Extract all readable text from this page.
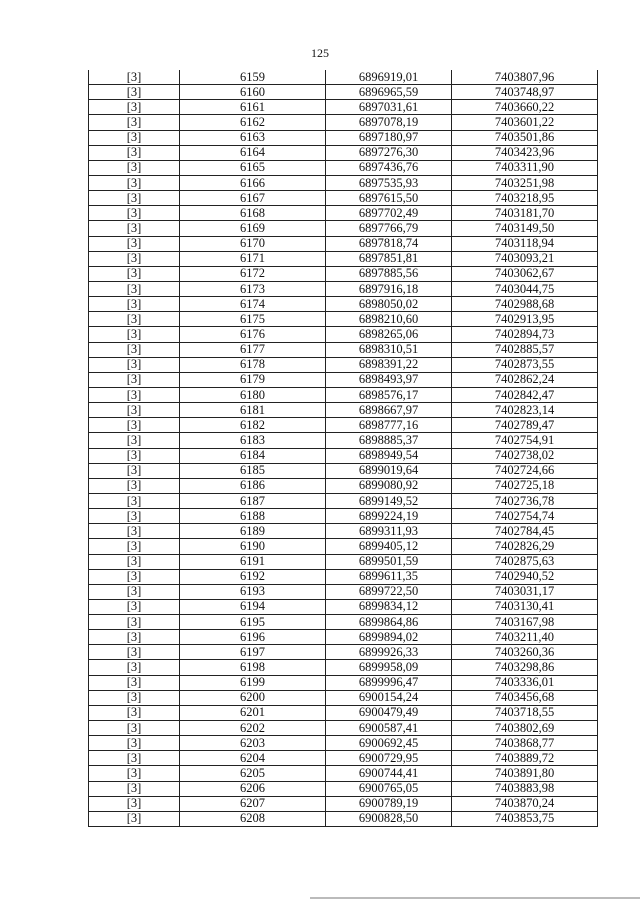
125
[3]	6159	6896919,01	7403807,96
[3]	6160	6896965,59	7403748,97
[3]	6161	6897031,61	7403660,22
[3]	6162	6897078,19	7403601,22
[3]	6163	6897180,97	7403501,86
[3]	6164	6897276,30	7403423,96
[3]	6165	6897436,76	7403311,90
[3]	6166	6897535,93	7403251,98
[3]	6167	6897615,50	7403218,95
[3]	6168	6897702,49	7403181,70
[3]	6169	6897766,79	7403149,50
[3]	6170	6897818,74	7403118,94
[3]	6171	6897851,81	7403093,21
[3]	6172	6897885,56	7403062,67
[3]	6173	6897916,18	7403044,75
[3]	6174	6898050,02	7402988,68
[3]	6175	6898210,60	7402913,95
[3]	6176	6898265,06	7402894,73
[3]	6177	6898310,51	7402885,57
[3]	6178	6898391,22	7402873,55
[3]	6179	6898493,97	7402862,24
[3]	6180	6898576,17	7402842,47
[3]	6181	6898667,97	7402823,14
[3]	6182	6898777,16	7402789,47
[3]	6183	6898885,37	7402754,91
[3]	6184	6898949,54	7402738,02
[3]	6185	6899019,64	7402724,66
[3]	6186	6899080,92	7402725,18
[3]	6187	6899149,52	7402736,78
[3]	6188	6899224,19	7402754,74
[3]	6189	6899311,93	7402784,45
[3]	6190	6899405,12	7402826,29
[3]	6191	6899501,59	7402875,63
[3]	6192	6899611,35	7402940,52
[3]	6193	6899722,50	7403031,17
[3]	6194	6899834,12	7403130,41
[3]	6195	6899864,86	7403167,98
[3]	6196	6899894,02	7403211,40
[3]	6197	6899926,33	7403260,36
[3]	6198	6899958,09	7403298,86
[3]	6199	6899996,47	7403336,01
[3]	6200	6900154,24	7403456,68
[3]	6201	6900479,49	7403718,55
[3]	6202	6900587,41	7403802,69
[3]	6203	6900692,45	7403868,77
[3]	6204	6900729,95	7403889,72
[3]	6205	6900744,41	7403891,80
[3]	6206	6900765,05	7403883,98
[3]	6207	6900789,19	7403870,24
[3]	6208	6900828,50	7403853,75
